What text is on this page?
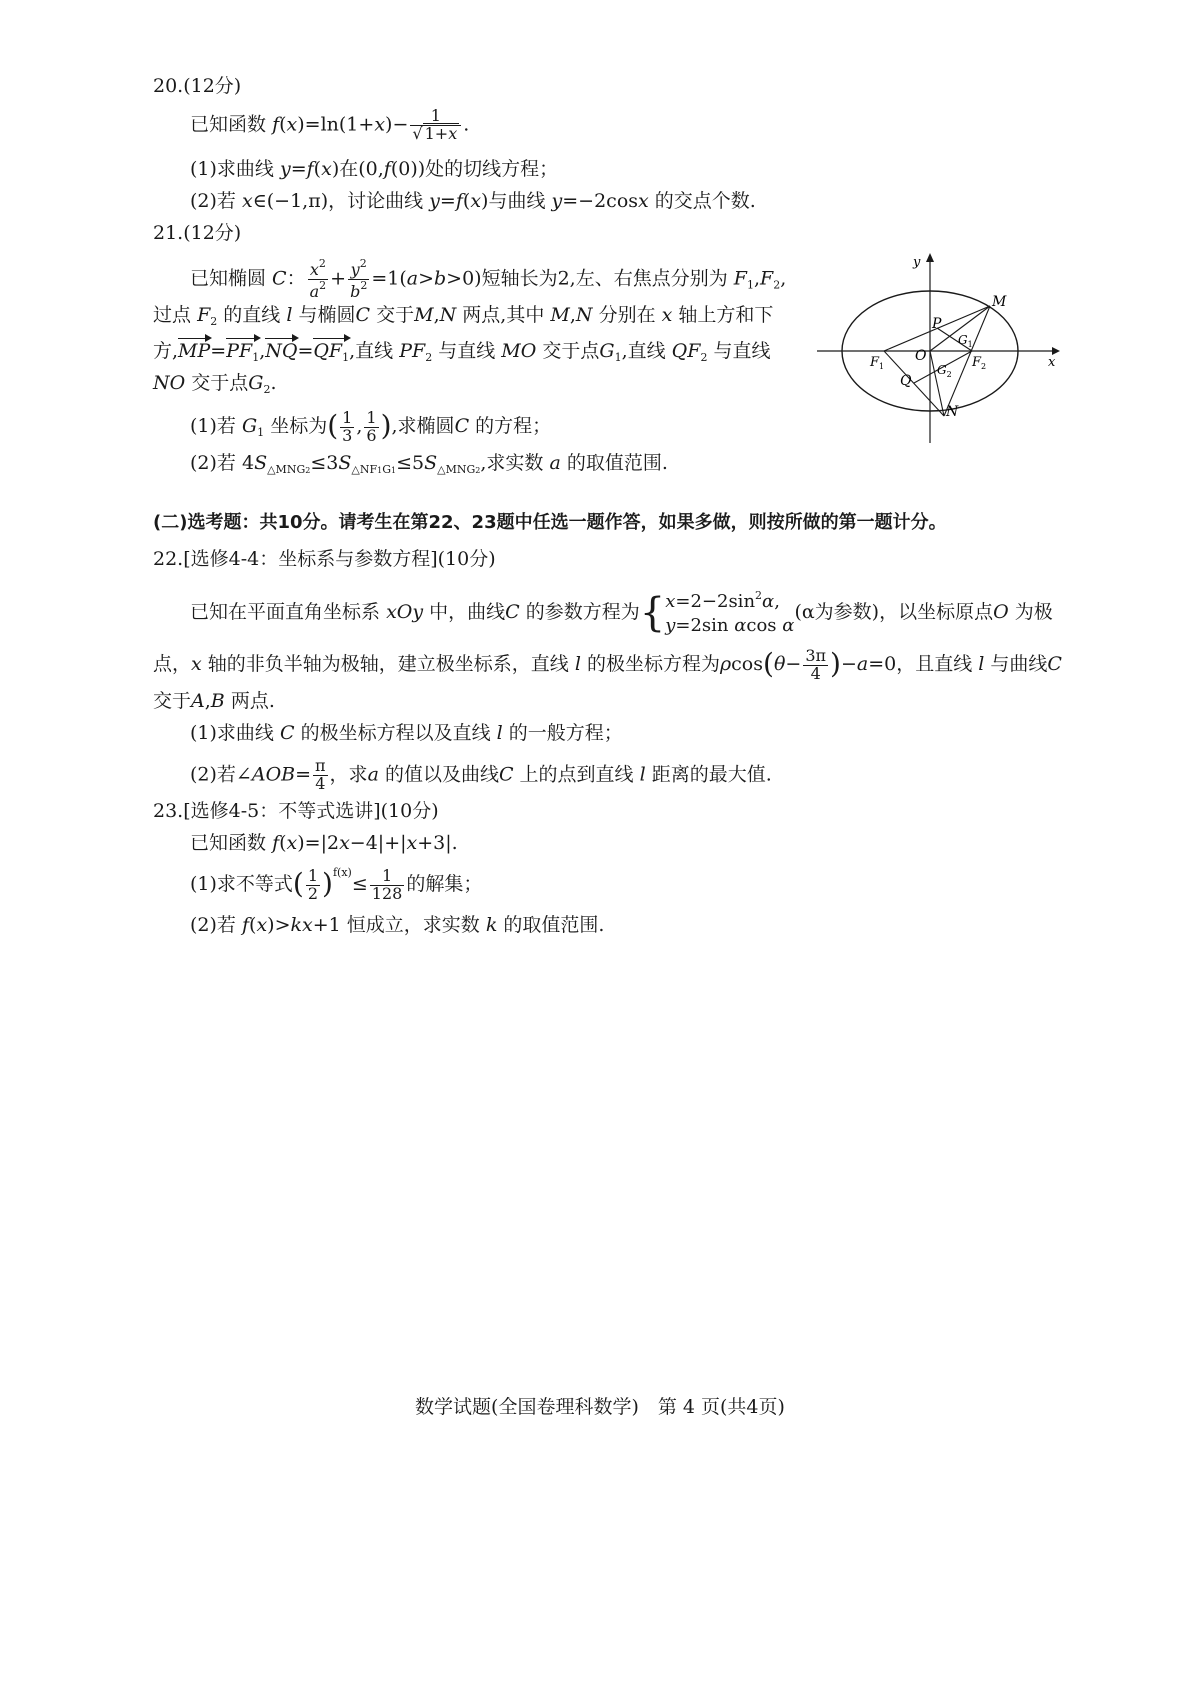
20.(12分)
已知函数 $f(x)=\ln(1+x)- \frac{1}{√ 1+x}$ .
(1)求曲线 y=f(x)在(0,f(0))处的切线方程；
(2)若 x∈(−1,π)，讨论曲线 y=f(x)与曲线 y=−2cosx 的交点个数.
21.(12分)
已知椭圆 C： $\frac{x^2}{a^2} + \frac{y^2}{b^2} =1(a>b>0)$短轴长为2,左、右焦点分别为 $F_1,F_2$,
过点 $F_2$ 的直线 l 与椭圆C 交于M,N 两点,其中 M,N 分别在 x 轴上方和下
方$,MP=PF_1,NQ=QF_1$,直线 $PF_2$ 与直线 MO 交于点$G_1$,直线 $QF_2$ 与直线
NO 交于点$G_2$.
(1)若 $G_1$ 坐标为( $\frac{1}{3}$ , $\frac{1}{6}$ ),求椭圆C 的方程；
(2)若 $4S_{\triangle MNG2}\le 3S_{\triangle NF1G1}\le 5S_{\triangle MNG2}$,求实数 a 的取值范围.
y
x
M
P
$G_1$
O
$F_1$	$F_2$
$G_2$
Q
N
(二)选考题：共10分。请考生在第22、23题中任选一题作答，如果多做，则按所做的第一题计分。
22.[选修4-4：坐标系与参数方程](10分)
已知在平面直角坐标系 xOy 中，曲线C 的参数方程为{$x=2-2\sin^2\alpha$,
y=2sin αcos α(α为参数)，以坐标原点O 为极
点，x 轴的非负半轴为极轴，建立极坐标系，直线 l 的极坐标方程为$\rho\cos(\theta- \frac{3\pi}{4} )-a=0$，且直线 l 与曲线C
交于A,B 两点.
(1)求曲线 C 的极坐标方程以及直线 l 的一般方程；
(2)若∠AOB= $\frac{\pi}{4}$ ，求a 的值以及曲线C 上的点到直线 l 距离的最大值.
23.[选修4-5：不等式选讲](10分)
已知函数 f(x)=|2x−4|+|x+3|.
(1)求不等式( $\frac{1}{2} )^{f(x)}\le \frac{1}{128}$ 的解集；
(2)若 f(x)>kx+1 恒成立，求实数 k 的取值范围.
数学试题(全国卷理科数学)　第 4 页(共4页)
